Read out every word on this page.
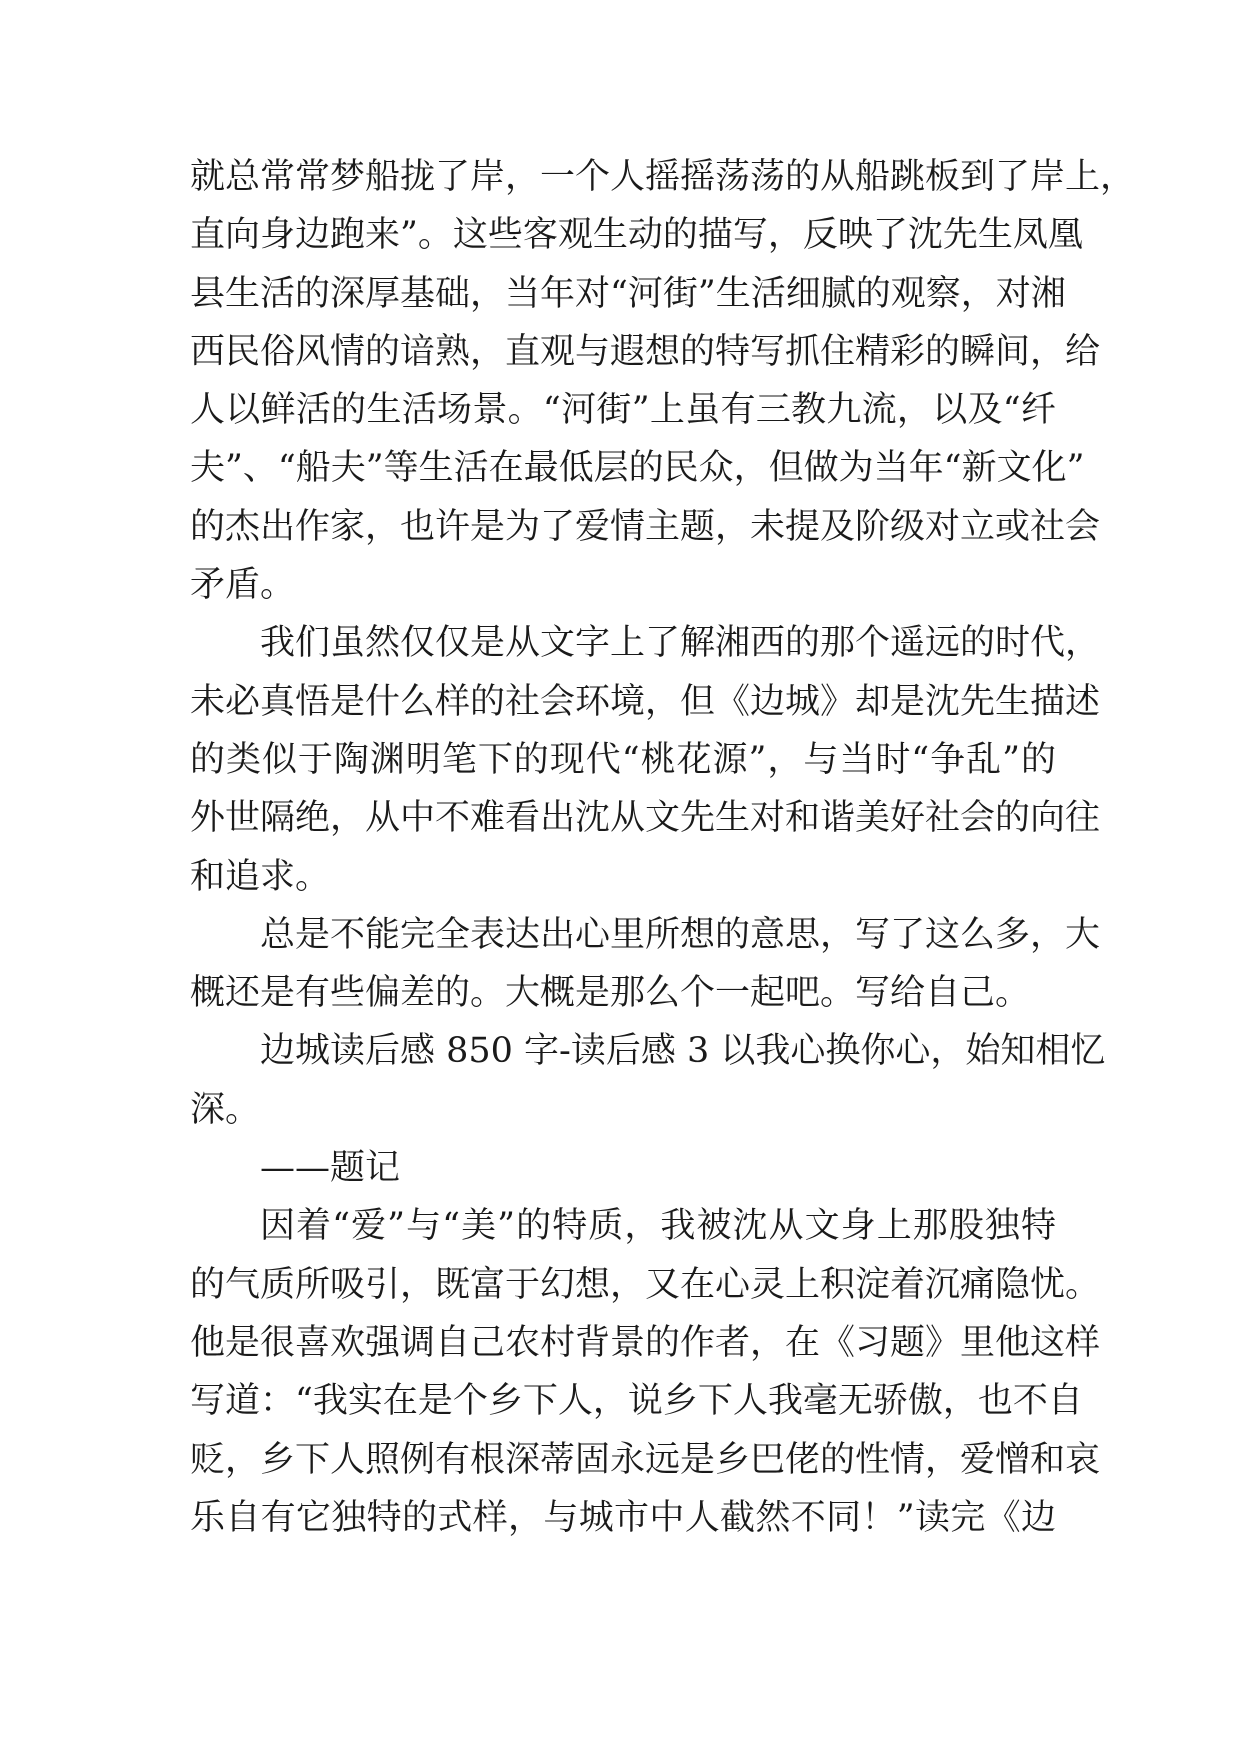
就总常常梦船拢了岸，一个人摇摇荡荡的从船跳板到了岸上，
直向身边跑来”。这些客观生动的描写，反映了沈先生凤凰
县生活的深厚基础，当年对“河街”生活细腻的观察，对湘
西民俗风情的谙熟，直观与遐想的特写抓住精彩的瞬间，给
人以鲜活的生活场景。“河街”上虽有三教九流，以及“纤
夫”、“船夫”等生活在最低层的民众，但做为当年“新文化”
的杰出作家，也许是为了爱情主题，未提及阶级对立或社会
矛盾。
我们虽然仅仅是从文字上了解湘西的那个遥远的时代，
未必真悟是什么样的社会环境，但《边城》却是沈先生描述
的类似于陶渊明笔下的现代“桃花源”，与当时“争乱”的
外世隔绝，从中不难看出沈从文先生对和谐美好社会的向往
和追求。
总是不能完全表达出心里所想的意思，写了这么多，大
概还是有些偏差的。大概是那么个一起吧。写给自己。
边城读后感 850 字-读后感 3 以我心换你心，始知相忆
深。
——题记
因着“爱”与“美”的特质，我被沈从文身上那股独特
的气质所吸引，既富于幻想，又在心灵上积淀着沉痛隐忧。
他是很喜欢强调自己农村背景的作者，在《习题》里他这样
写道：“我实在是个乡下人，说乡下人我毫无骄傲，也不自
贬，乡下人照例有根深蒂固永远是乡巴佬的性情，爱憎和哀
乐自有它独特的式样，与城市中人截然不同！”读完《边
